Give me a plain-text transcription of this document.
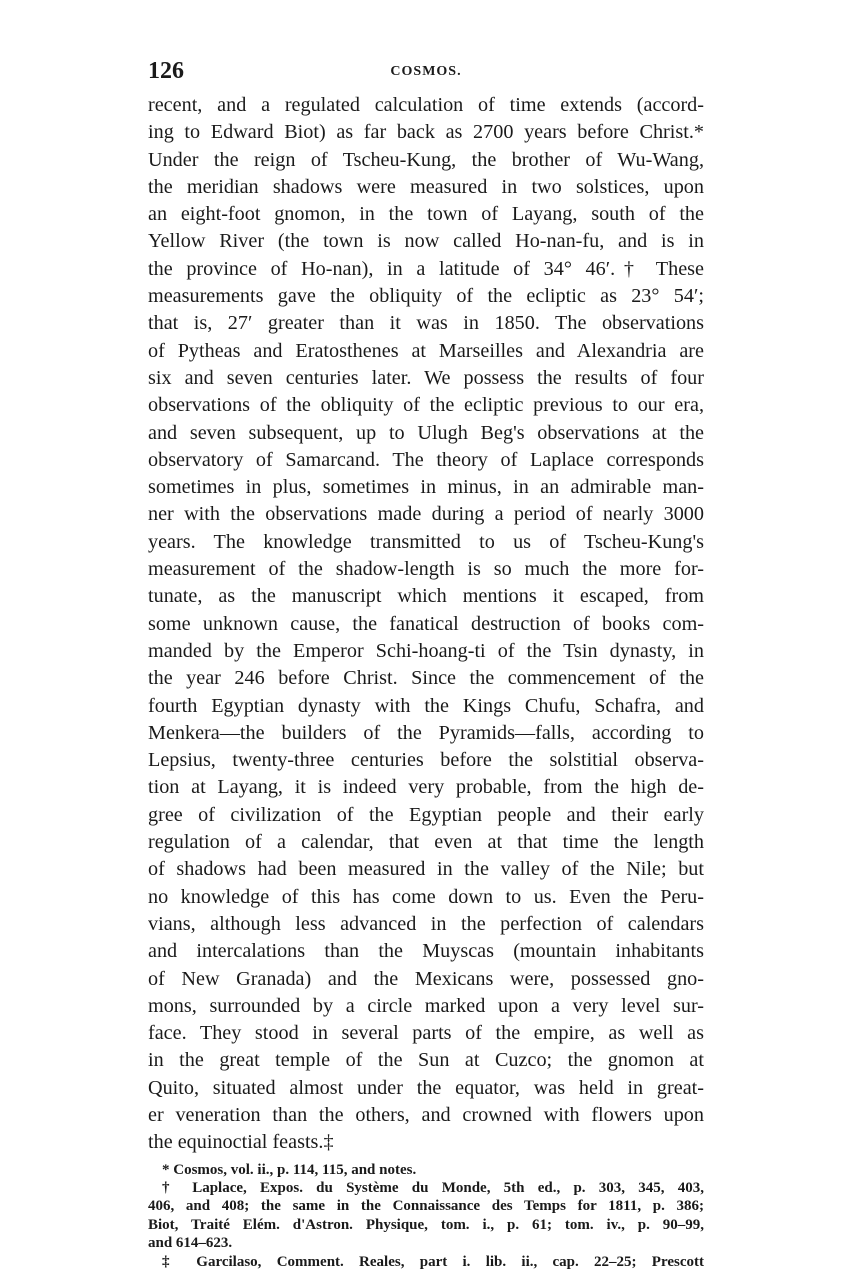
126	COSMOS.
recent, and a regulated calculation of time extends (accord-
ing to Edward Biot) as far back as 2700 years before Christ.*
Under the reign of Tscheu-Kung, the brother of Wu-Wang,
the meridian shadows were measured in two solstices, upon
an eight-foot gnomon, in the town of Layang, south of the
Yellow River (the town is now called Ho-nan-fu, and is in
the province of Ho-nan), in a latitude of 34° 46′.† These
measurements gave the obliquity of the ecliptic as 23° 54′;
that is, 27′ greater than it was in 1850. The observations
of Pytheas and Eratosthenes at Marseilles and Alexandria are
six and seven centuries later. We possess the results of four
observations of the obliquity of the ecliptic previous to our era,
and seven subsequent, up to Ulugh Beg's observations at the
observatory of Samarcand. The theory of Laplace corresponds
sometimes in plus, sometimes in minus, in an admirable man-
ner with the observations made during a period of nearly 3000
years. The knowledge transmitted to us of Tscheu-Kung's
measurement of the shadow-length is so much the more for-
tunate, as the manuscript which mentions it escaped, from
some unknown cause, the fanatical destruction of books com-
manded by the Emperor Schi-hoang-ti of the Tsin dynasty, in
the year 246 before Christ. Since the commencement of the
fourth Egyptian dynasty with the Kings Chufu, Schafra, and
Menkera—the builders of the Pyramids—falls, according to
Lepsius, twenty-three centuries before the solstitial observa-
tion at Layang, it is indeed very probable, from the high de-
gree of civilization of the Egyptian people and their early
regulation of a calendar, that even at that time the length
of shadows had been measured in the valley of the Nile; but
no knowledge of this has come down to us. Even the Peru-
vians, although less advanced in the perfection of calendars
and intercalations than the Muyscas (mountain inhabitants
of New Granada) and the Mexicans were, possessed gno-
mons, surrounded by a circle marked upon a very level sur-
face. They stood in several parts of the empire, as well as
in the great temple of the Sun at Cuzco; the gnomon at
Quito, situated almost under the equator, was held in great-
er veneration than the others, and crowned with flowers upon
the equinoctial feasts.‡
* Cosmos, vol. ii., p. 114, 115, and notes.
† Laplace, Expos. du Système du Monde, 5th ed., p. 303, 345, 403,
406, and 408; the same in the Connaissance des Temps for 1811, p. 386;
Biot, Traité Elém. d'Astron. Physique, tom. i., p. 61; tom. iv., p. 90–99,
and 614–623.
‡ Garcilaso, Comment. Reales, part i. lib. ii., cap. 22–25; Prescott
